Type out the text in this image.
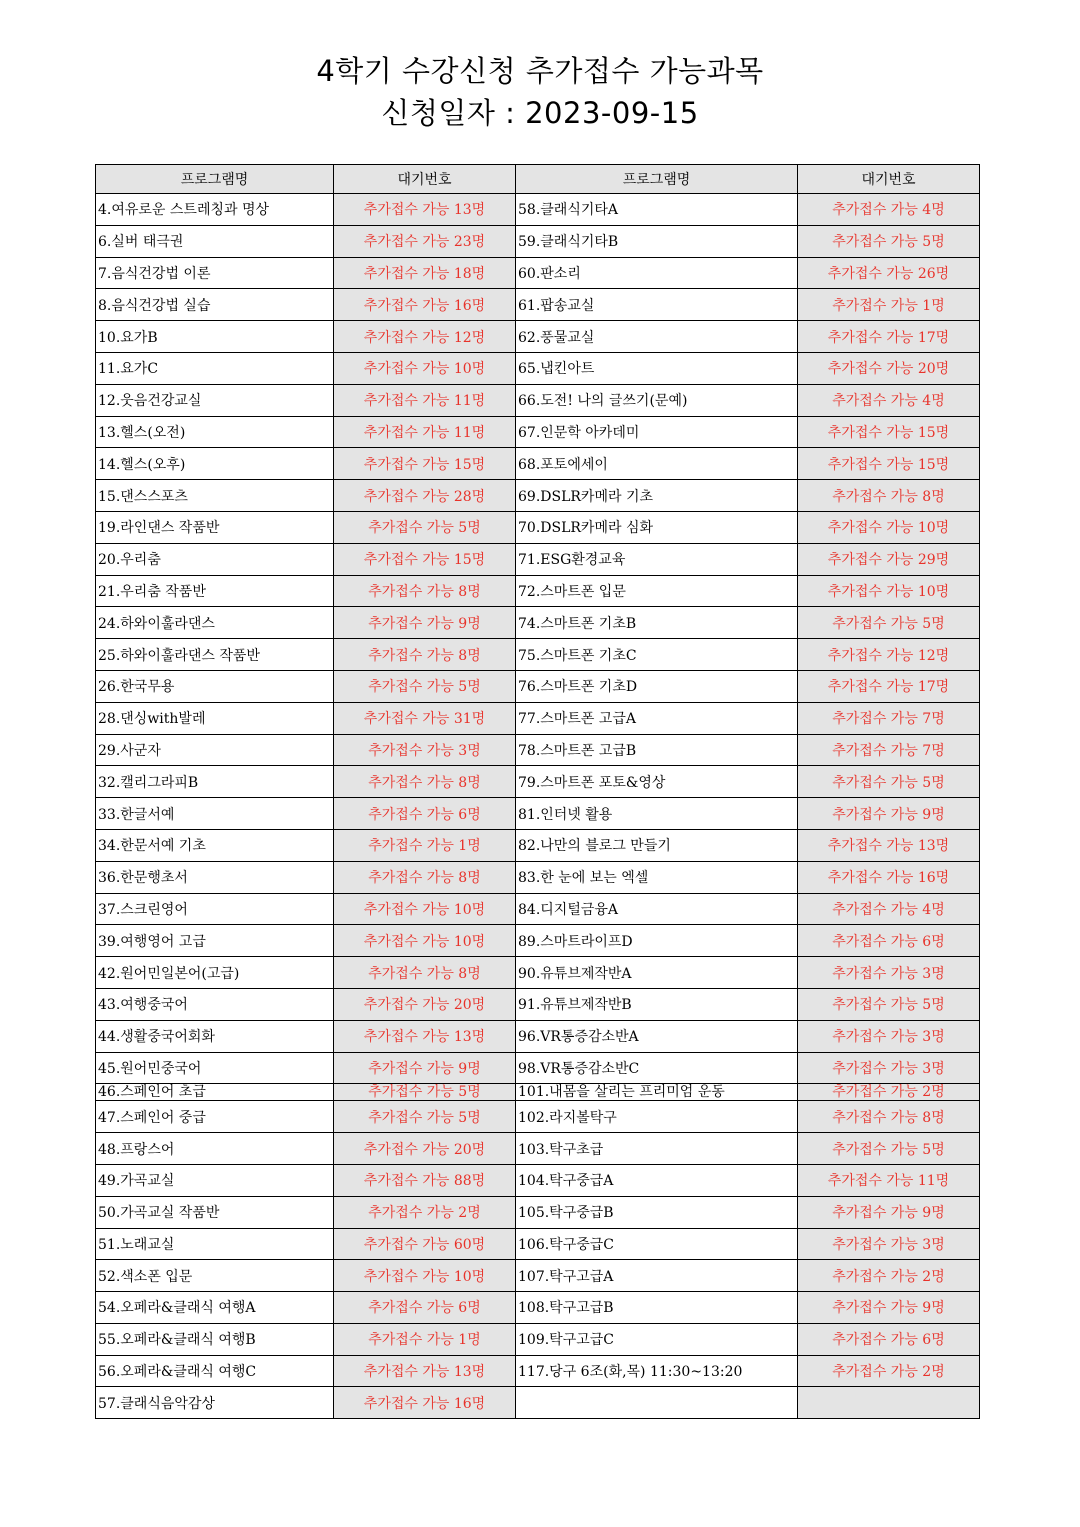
4학기 수강신청 추가접수 가능과목
신청일자 : 2023-09-15
프로그램명	대기번호	프로그램명	대기번호
4.여유로운 스트레칭과 명상	추가접수 가능 13명	58.클래식기타A	추가접수 가능 4명
6.실버 태극권	추가접수 가능 23명	59.클래식기타B	추가접수 가능 5명
7.음식건강법 이론	추가접수 가능 18명	60.판소리	추가접수 가능 26명
8.음식건강법 실습	추가접수 가능 16명	61.팝송교실	추가접수 가능 1명
10.요가B	추가접수 가능 12명	62.풍물교실	추가접수 가능 17명
11.요가C	추가접수 가능 10명	65.냅킨아트	추가접수 가능 20명
12.웃음건강교실	추가접수 가능 11명	66.도전! 나의 글쓰기(문예)	추가접수 가능 4명
13.헬스(오전)	추가접수 가능 11명	67.인문학 아카데미	추가접수 가능 15명
14.헬스(오후)	추가접수 가능 15명	68.포토에세이	추가접수 가능 15명
15.댄스스포츠	추가접수 가능 28명	69.DSLR카메라 기초	추가접수 가능 8명
19.라인댄스 작품반	추가접수 가능 5명	70.DSLR카메라 심화	추가접수 가능 10명
20.우리춤	추가접수 가능 15명	71.ESG환경교육	추가접수 가능 29명
21.우리춤 작품반	추가접수 가능 8명	72.스마트폰 입문	추가접수 가능 10명
24.하와이훌라댄스	추가접수 가능 9명	74.스마트폰 기초B	추가접수 가능 5명
25.하와이훌라댄스 작품반	추가접수 가능 8명	75.스마트폰 기초C	추가접수 가능 12명
26.한국무용	추가접수 가능 5명	76.스마트폰 기초D	추가접수 가능 17명
28.댄싱with발레	추가접수 가능 31명	77.스마트폰 고급A	추가접수 가능 7명
29.사군자	추가접수 가능 3명	78.스마트폰 고급B	추가접수 가능 7명
32.캘리그라피B	추가접수 가능 8명	79.스마트폰 포토&영상	추가접수 가능 5명
33.한글서예	추가접수 가능 6명	81.인터넷 활용	추가접수 가능 9명
34.한문서예 기초	추가접수 가능 1명	82.나만의 블로그 만들기	추가접수 가능 13명
36.한문행초서	추가접수 가능 8명	83.한 눈에 보는 엑셀	추가접수 가능 16명
37.스크린영어	추가접수 가능 10명	84.디지털금융A	추가접수 가능 4명
39.여행영어 고급	추가접수 가능 10명	89.스마트라이프D	추가접수 가능 6명
42.원어민일본어(고급)	추가접수 가능 8명	90.유튜브제작반A	추가접수 가능 3명
43.여행중국어	추가접수 가능 20명	91.유튜브제작반B	추가접수 가능 5명
44.생활중국어회화	추가접수 가능 13명	96.VR통증감소반A	추가접수 가능 3명
45.원어민중국어	추가접수 가능 9명	98.VR통증감소반C	추가접수 가능 3명
46.스페인어 초급	추가접수 가능 5명	101.내몸을 살리는 프리미엄 운동	추가접수 가능 2명
47.스페인어 중급	추가접수 가능 5명	102.라지볼탁구	추가접수 가능 8명
48.프랑스어	추가접수 가능 20명	103.탁구초급	추가접수 가능 5명
49.가곡교실	추가접수 가능 88명	104.탁구중급A	추가접수 가능 11명
50.가곡교실 작품반	추가접수 가능 2명	105.탁구중급B	추가접수 가능 9명
51.노래교실	추가접수 가능 60명	106.탁구중급C	추가접수 가능 3명
52.색소폰 입문	추가접수 가능 10명	107.탁구고급A	추가접수 가능 2명
54.오페라&클래식 여행A	추가접수 가능 6명	108.탁구고급B	추가접수 가능 9명
55.오페라&클래식 여행B	추가접수 가능 1명	109.탁구고급C	추가접수 가능 6명
56.오페라&클래식 여행C	추가접수 가능 13명	117.당구 6조(화,목) 11:30~13:20	추가접수 가능 2명
57.클래식음악감상	추가접수 가능 16명		
